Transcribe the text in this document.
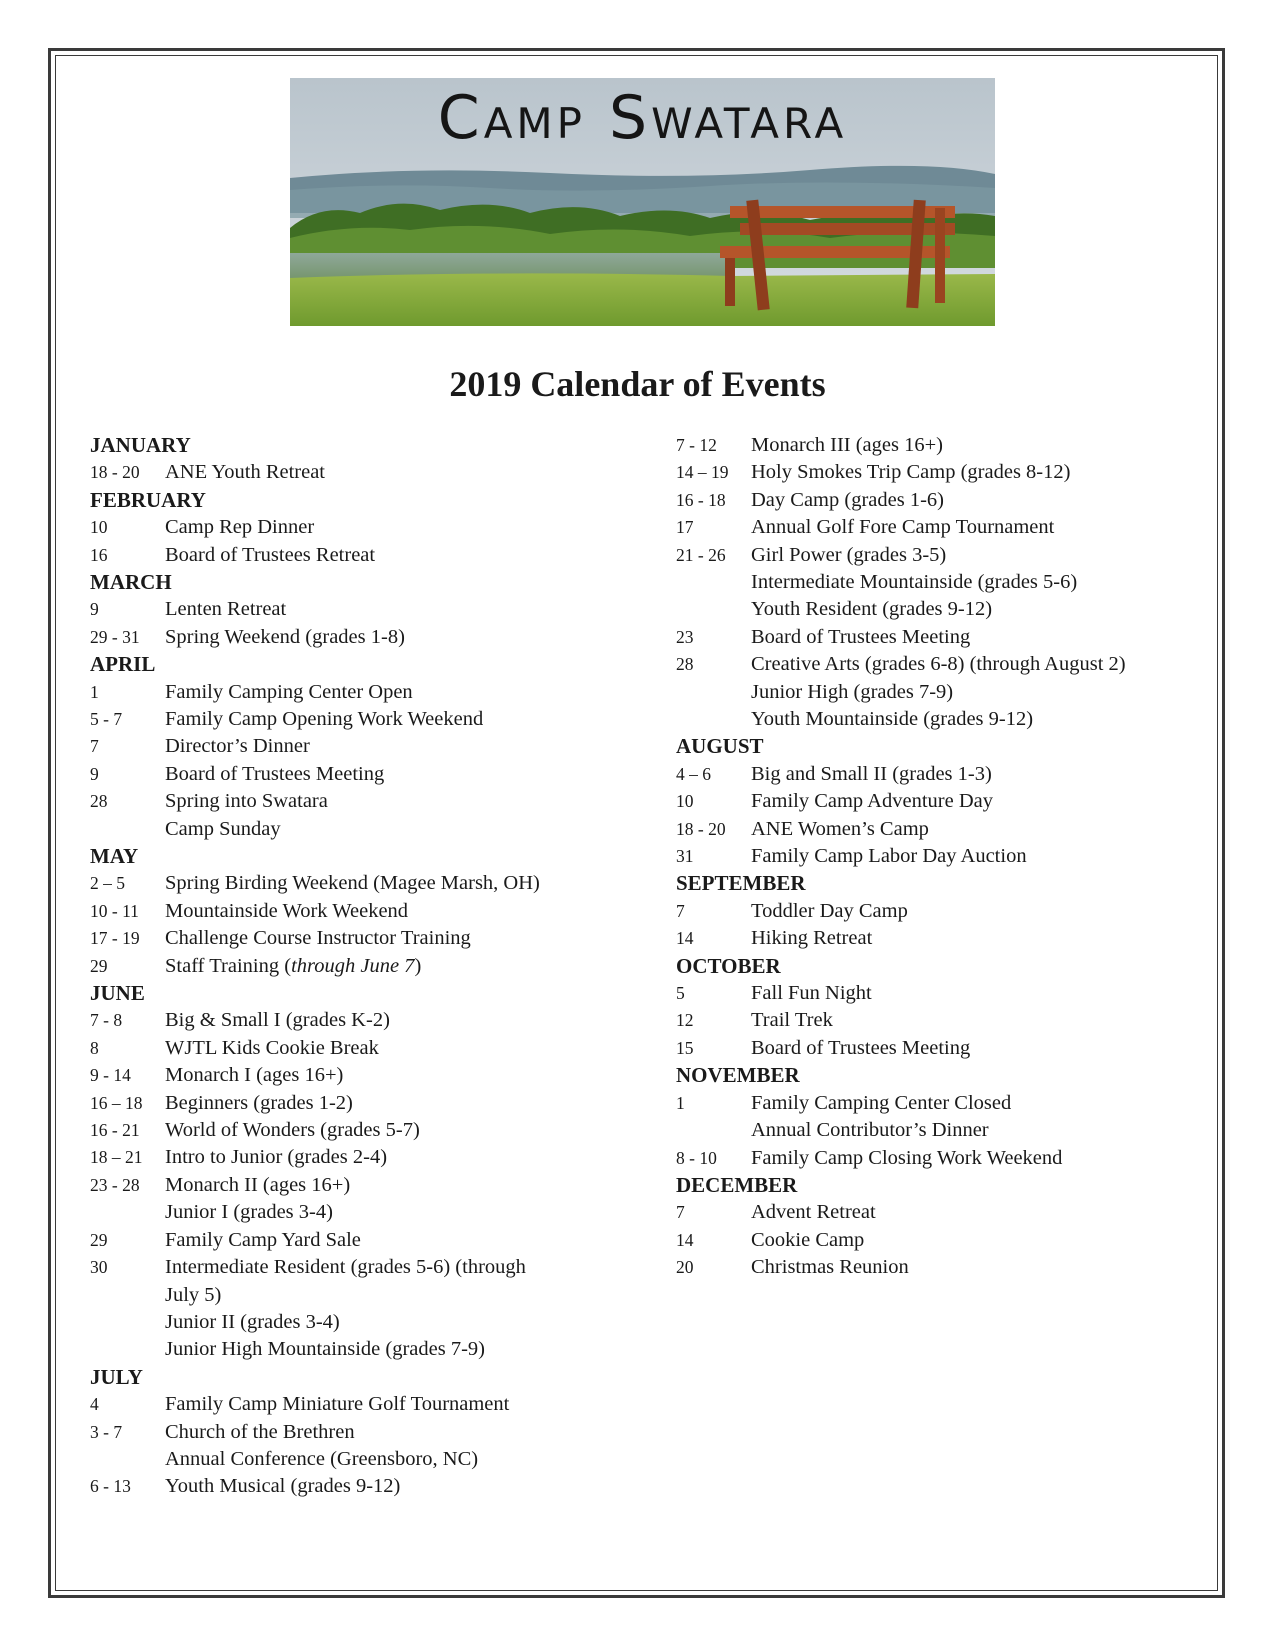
Camp Swatara
2019 Calendar of Events
JANUARY
18 - 20	ANE Youth Retreat
FEBRUARY
10	Camp Rep Dinner
16	Board of Trustees Retreat
MARCH
9	Lenten Retreat
29 - 31	Spring Weekend (grades 1-8)
APRIL
1	Family Camping Center Open
5 - 7	Family Camp Opening Work Weekend
7	Director’s Dinner
9	Board of Trustees Meeting
28	Spring into Swatara
Camp Sunday
MAY
2 – 5	Spring Birding Weekend (Magee Marsh, OH)
10 - 11	Mountainside Work Weekend
17 - 19	Challenge Course Instructor Training
29	Staff Training (through June 7)
JUNE
7 - 8	Big & Small I (grades K-2)
8	WJTL Kids Cookie Break
9 - 14	Monarch I (ages 16+)
16 – 18	Beginners (grades 1-2)
16 - 21	World of Wonders (grades 5-7)
18 – 21	Intro to Junior (grades 2-4)
23 - 28	Monarch II (ages 16+)
Junior I (grades 3-4)
29	Family Camp Yard Sale
30	Intermediate Resident (grades 5-6) (through
July 5)
Junior II (grades 3-4)
Junior High Mountainside (grades 7-9)
JULY
4	Family Camp Miniature Golf Tournament
3 - 7	Church of the Brethren
Annual Conference (Greensboro, NC)
6 - 13	Youth Musical (grades 9-12)
7 - 12	Monarch III (ages 16+)
14 – 19	Holy Smokes Trip Camp (grades 8-12)
16 - 18	Day Camp (grades 1-6)
17	Annual Golf Fore Camp Tournament
21 - 26	Girl Power (grades 3-5)
Intermediate Mountainside (grades 5-6)
Youth Resident (grades 9-12)
23	Board of Trustees Meeting
28	Creative Arts (grades 6-8) (through August 2)
Junior High (grades 7-9)
Youth Mountainside (grades 9-12)
AUGUST
4 – 6	Big and Small II (grades 1-3)
10	Family Camp Adventure Day
18 - 20	ANE Women’s Camp
31	Family Camp Labor Day Auction
SEPTEMBER
7	Toddler Day Camp
14	Hiking Retreat
OCTOBER
5	Fall Fun Night
12	Trail Trek
15	Board of Trustees Meeting
NOVEMBER
1	Family Camping Center Closed
Annual Contributor’s Dinner
8 - 10	Family Camp Closing Work Weekend
DECEMBER
7	Advent Retreat
14	Cookie Camp
20	Christmas Reunion
